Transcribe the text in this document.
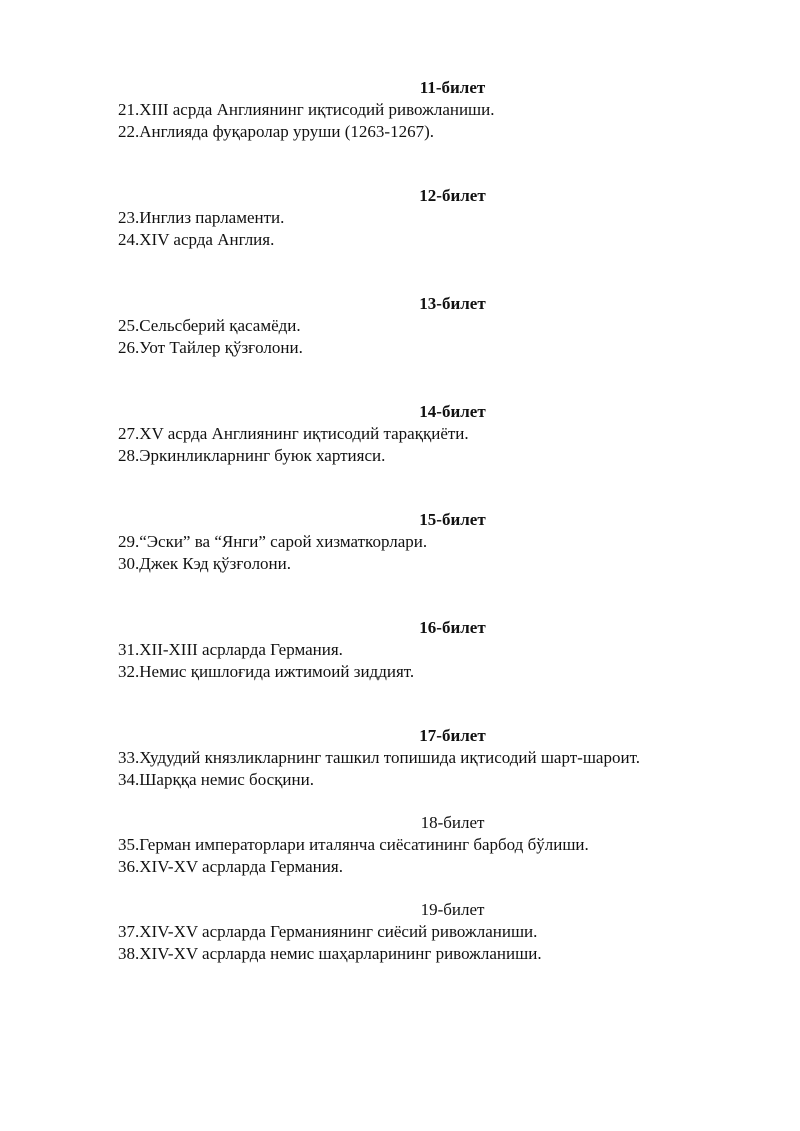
11-билет
21.XIII асрда Англиянинг иқтисодий ривожланиши.
22.Англияда фуқаролар уруши (1263-1267).
12-билет
23.Инглиз парламенти.
24.XIV асрда Англия.
13-билет
25.Сельсберий қасамёди.
26.Уот Тайлер қўзғолони.
14-билет
27.XV асрда Англиянинг иқтисодий тараққиёти.
28.Эркинликларнинг буюк хартияси.
15-билет
29.“Эски” ва “Янги” сарой хизматкорлари.
30.Джек Кэд қўзғолони.
16-билет
31.XII-XIII асрларда Германия.
32.Немис қишлоғида ижтимоий зиддият.
17-билет
33.Худудий князликларнинг ташкил топишида иқтисодий шарт-шароит.
34.Шарққа немис босқини.
18-билет
35.Герман императорлари италянча сиёсатининг барбод бўлиши.
36.XIV-XV асрларда Германия.
19-билет
37.XIV-XV асрларда Германиянинг сиёсий ривожланиши.
38.XIV-XV асрларда немис шаҳарларининг ривожланиши.
